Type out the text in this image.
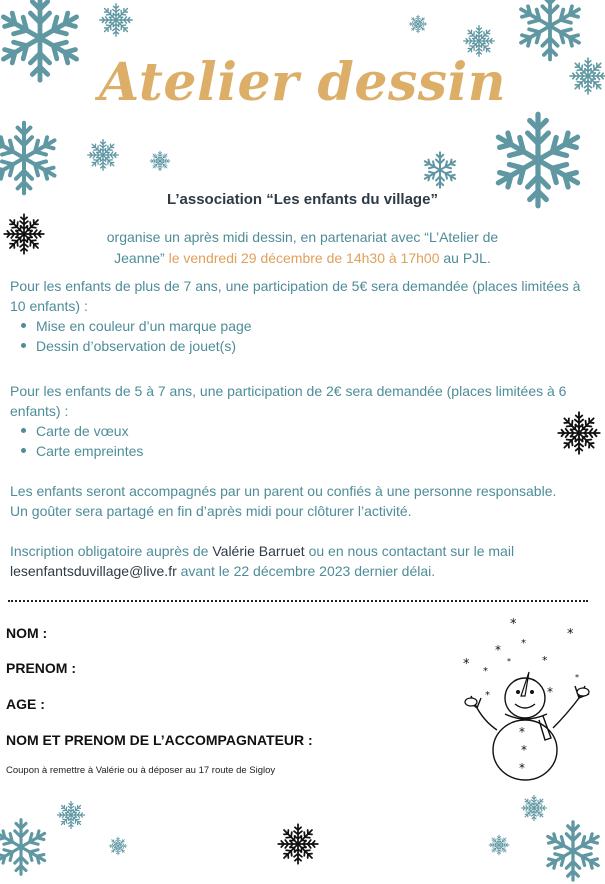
Atelier dessin
L’association “Les enfants du village”
organise un après midi dessin, en partenariat avec “L’Atelier de Jeanne” le vendredi 29 décembre de 14h30 à 17h00 au PJL.

Pour les enfants de plus de 7 ans, une participation de 5€ sera demandée (places limitées à 10 enfants) :

Mise en couleur d’un marque page
Dessin d’observation de jouet(s)

Pour les enfants de 5 à 7 ans, une participation de 2€ sera demandée (places limitées à 6 enfants) :

Carte de vœux
Carte empreintes

Les enfants seront accompagnés par un parent ou confiés à une personne responsable.

Un goûter sera partagé en fin d’après midi pour clôturer l’activité.

Inscription obligatoire auprès de Valérie Barruet ou en nous contactant sur le mail lesenfantsduvillage@live.fr avant le 22 décembre 2023 dernier délai.
NOM :
PRENOM :
AGE :
NOM ET PRENOM DE L’ACCOMPAGNATEUR :
Coupon à remettre à Valérie ou à déposer au 17 route de Sigloy
*
* *
*
* *
*
*
*
*
*
*
*
*
